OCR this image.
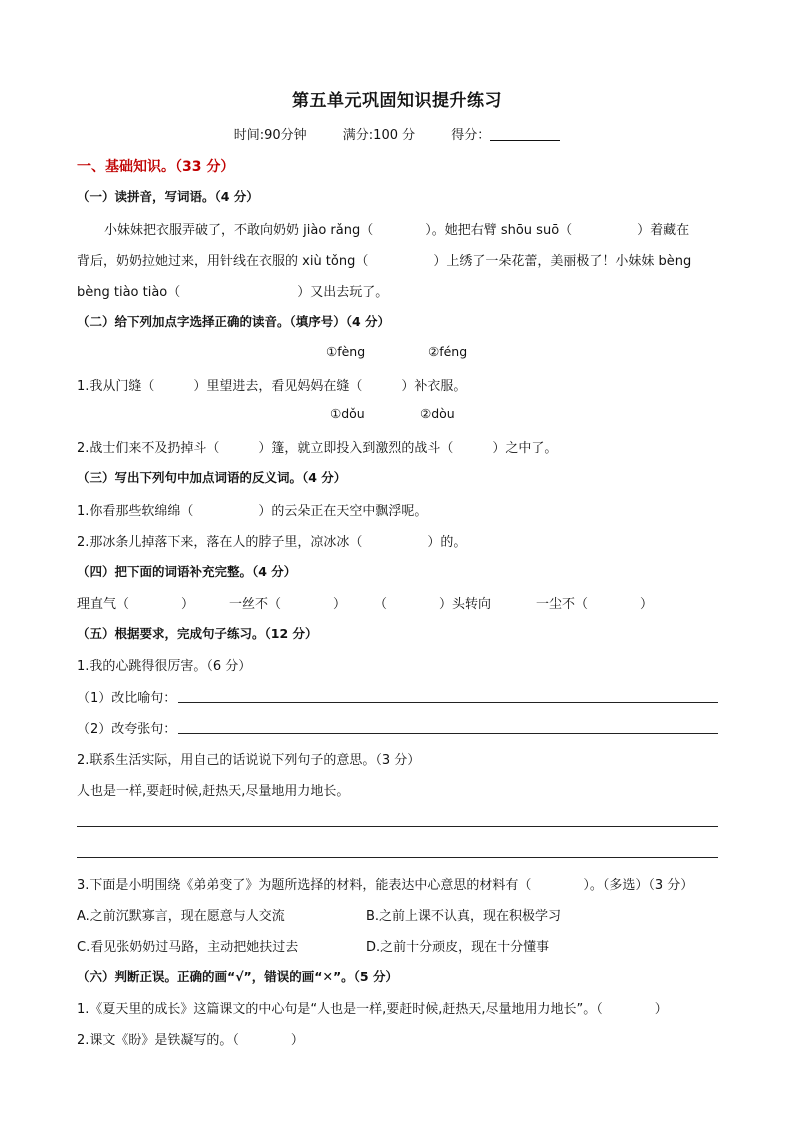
第五单元巩固知识提升练习
时间:90分钟	满分:100 分	得分：
一、基础知识。（33 分）
（一）读拼音，写词语。（4 分）
小妹妹把衣服弄破了，不敢向奶奶 jiào rǎng（　　　　）。她把右臂 shōu suō（　　　　　）着藏在
背后，奶奶拉她过来，用针线在衣服的 xiù tǒng（　　　　　）上绣了一朵花蕾，美丽极了！小妹妹 bèng
bèng tiào tiào（　　　　　　　　　）又出去玩了。
（二）给下列加点字选择正确的读音。（填序号）（4 分）
①fèng	②féng
1.我从门缝（　　　）里望进去，看见妈妈在缝（　　　）补衣服。
①dǒu	②dòu
2.战士们来不及扔掉斗（　　　）篷，就立即投入到激烈的战斗（　　　）之中了。
（三）写出下列句中加点词语的反义词。（4 分）
1.你看那些软绵绵（　　　　　）的云朵正在天空中飘浮呢。
2.那冰条儿掉落下来，落在人的脖子里，凉冰冰（　　　　　）的。
（四）把下面的词语补充完整。（4 分）
理直气（　　　　）	一丝不（　　　　） （　　　　）头转向	一尘不（　　　　）
（五）根据要求，完成句子练习。（12 分）
1.我的心跳得很厉害。（6 分）
（1）改比喻句：
（2）改夸张句：
2.联系生活实际，用自己的话说说下列句子的意思。（3 分）
人也是一样,要赶时候,赶热天,尽量地用力地长。
3.下面是小明围绕《弟弟变了》为题所选择的材料，能表达中心意思的材料有（　　　　）。（多选）（3 分）
A.之前沉默寡言，现在愿意与人交流	B.之前上课不认真，现在积极学习
C.看见张奶奶过马路，主动把她扶过去	D.之前十分顽皮，现在十分懂事
（六）判断正误。正确的画“√”，错误的画“✕”。（5 分）
1.《夏天里的成长》这篇课文的中心句是“人也是一样,要赶时候,赶热天,尽量地用力地长”。（　　　　）
2.课文《盼》是铁凝写的。（　　　　）
